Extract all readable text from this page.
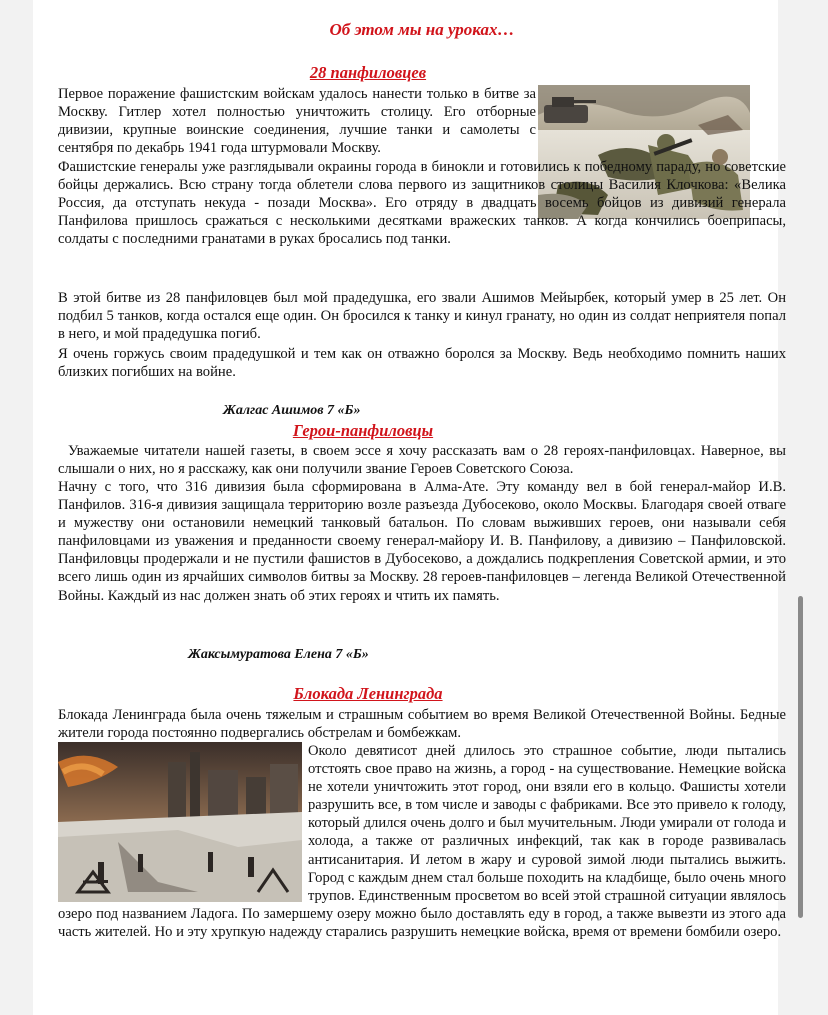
Об этом мы на уроках…
28 панфиловцев

Первое поражение фашистским войскам удалось нанести только в битве за Москву. Гитлер хотел полностью уничтожить столицу. Его отборные дивизии, крупные воинские соединения, лучшие танки и самолеты с сентября по декабрь 1941 года штурмовали Москву.

Фашистские генералы уже разглядывали окраины города в бинокли и готовились к победному параду, но советские бойцы держались. Всю страну тогда облетели слова первого из защитников столицы Василия Клочкова: «Велика Россия, да отступать некуда - позади Москва». Его отряду в двадцать восемь бойцов из дивизий генерала Панфилова пришлось сражаться с несколькими десятками вражеских танков. А когда кончились боеприпасы, солдаты с последними гранатами в руках бросались под танки.

В этой битве из 28 панфиловцев был мой прадедушка, его звали Ашимов Мейырбек, который умер в 25 лет. Он подбил 5 танков, когда остался еще один. Он бросился к танку и кинул гранату, но один из солдат неприятеля попал в него, и мой прадедушка погиб.

Я очень горжусь своим прадедушкой и тем как он отважно боролся за Москву. Ведь необходимо помнить наших близких погибших на войне.

Жалгас Ашимов 7 «Б»

Герои-панфиловцы

Уважаемые читатели нашей газеты, в своем эссе я хочу рассказать вам о 28 героях-панфиловцах. Наверное, вы слышали о них, но я расскажу, как они получили звание Героев Советского Союза.

Начну с того, что 316 дивизия была сформирована в Алма-Ате. Эту команду вел в бой генерал-майор И.В. Панфилов. 316-я дивизия защищала территорию возле разъезда Дубосеково, около Москвы. Благодаря своей отваге и мужеству они остановили немецкий танковый батальон. По словам выживших героев, они называли себя панфиловцами из уважения и преданности своему генерал-майору И. В. Панфилову, а дивизию – Панфиловской. Панфиловцы продержали и не пустили фашистов в Дубосеково, а дождались подкрепления Советской армии, и это всего лишь один из ярчайших символов битвы за Москву. 28 героев-панфиловцев – легенда Великой Отечественной Войны. Каждый из нас должен знать об этих героях и чтить их память.

Жаксымуратова Елена 7 «Б»

Блокада Ленинграда

Блокада Ленинграда была очень тяжелым и страшным событием во время Великой Отечественной Войны. Бедные жители города постоянно подвергались обстрелам и бомбежкам.

Около девятисот дней длилось это страшное событие, люди пытались отстоять свое право на жизнь, а город - на существование. Немецкие войска не хотели уничтожить этот город, они взяли его в кольцо. Фашисты хотели разрушить все, в том числе и заводы с фабриками. Все это привело к голоду, который длился очень долго и был мучительным. Люди умирали от голода и холода, а также от различных инфекций, так как в городе развивалась антисанитария. И летом в жару и суровой зимой люди пытались выжить. Город с каждым днем стал больше походить на кладбище, было очень много трупов. Единственным просветом во всей этой страшной ситуации являлось озеро под названием Ладога. По замершему озеру можно было доставлять еду в город, а также вывезти из этого ада часть жителей. Но и эту хрупкую надежду старались разрушить немецкие войска, время от времени бомбили озеро.
